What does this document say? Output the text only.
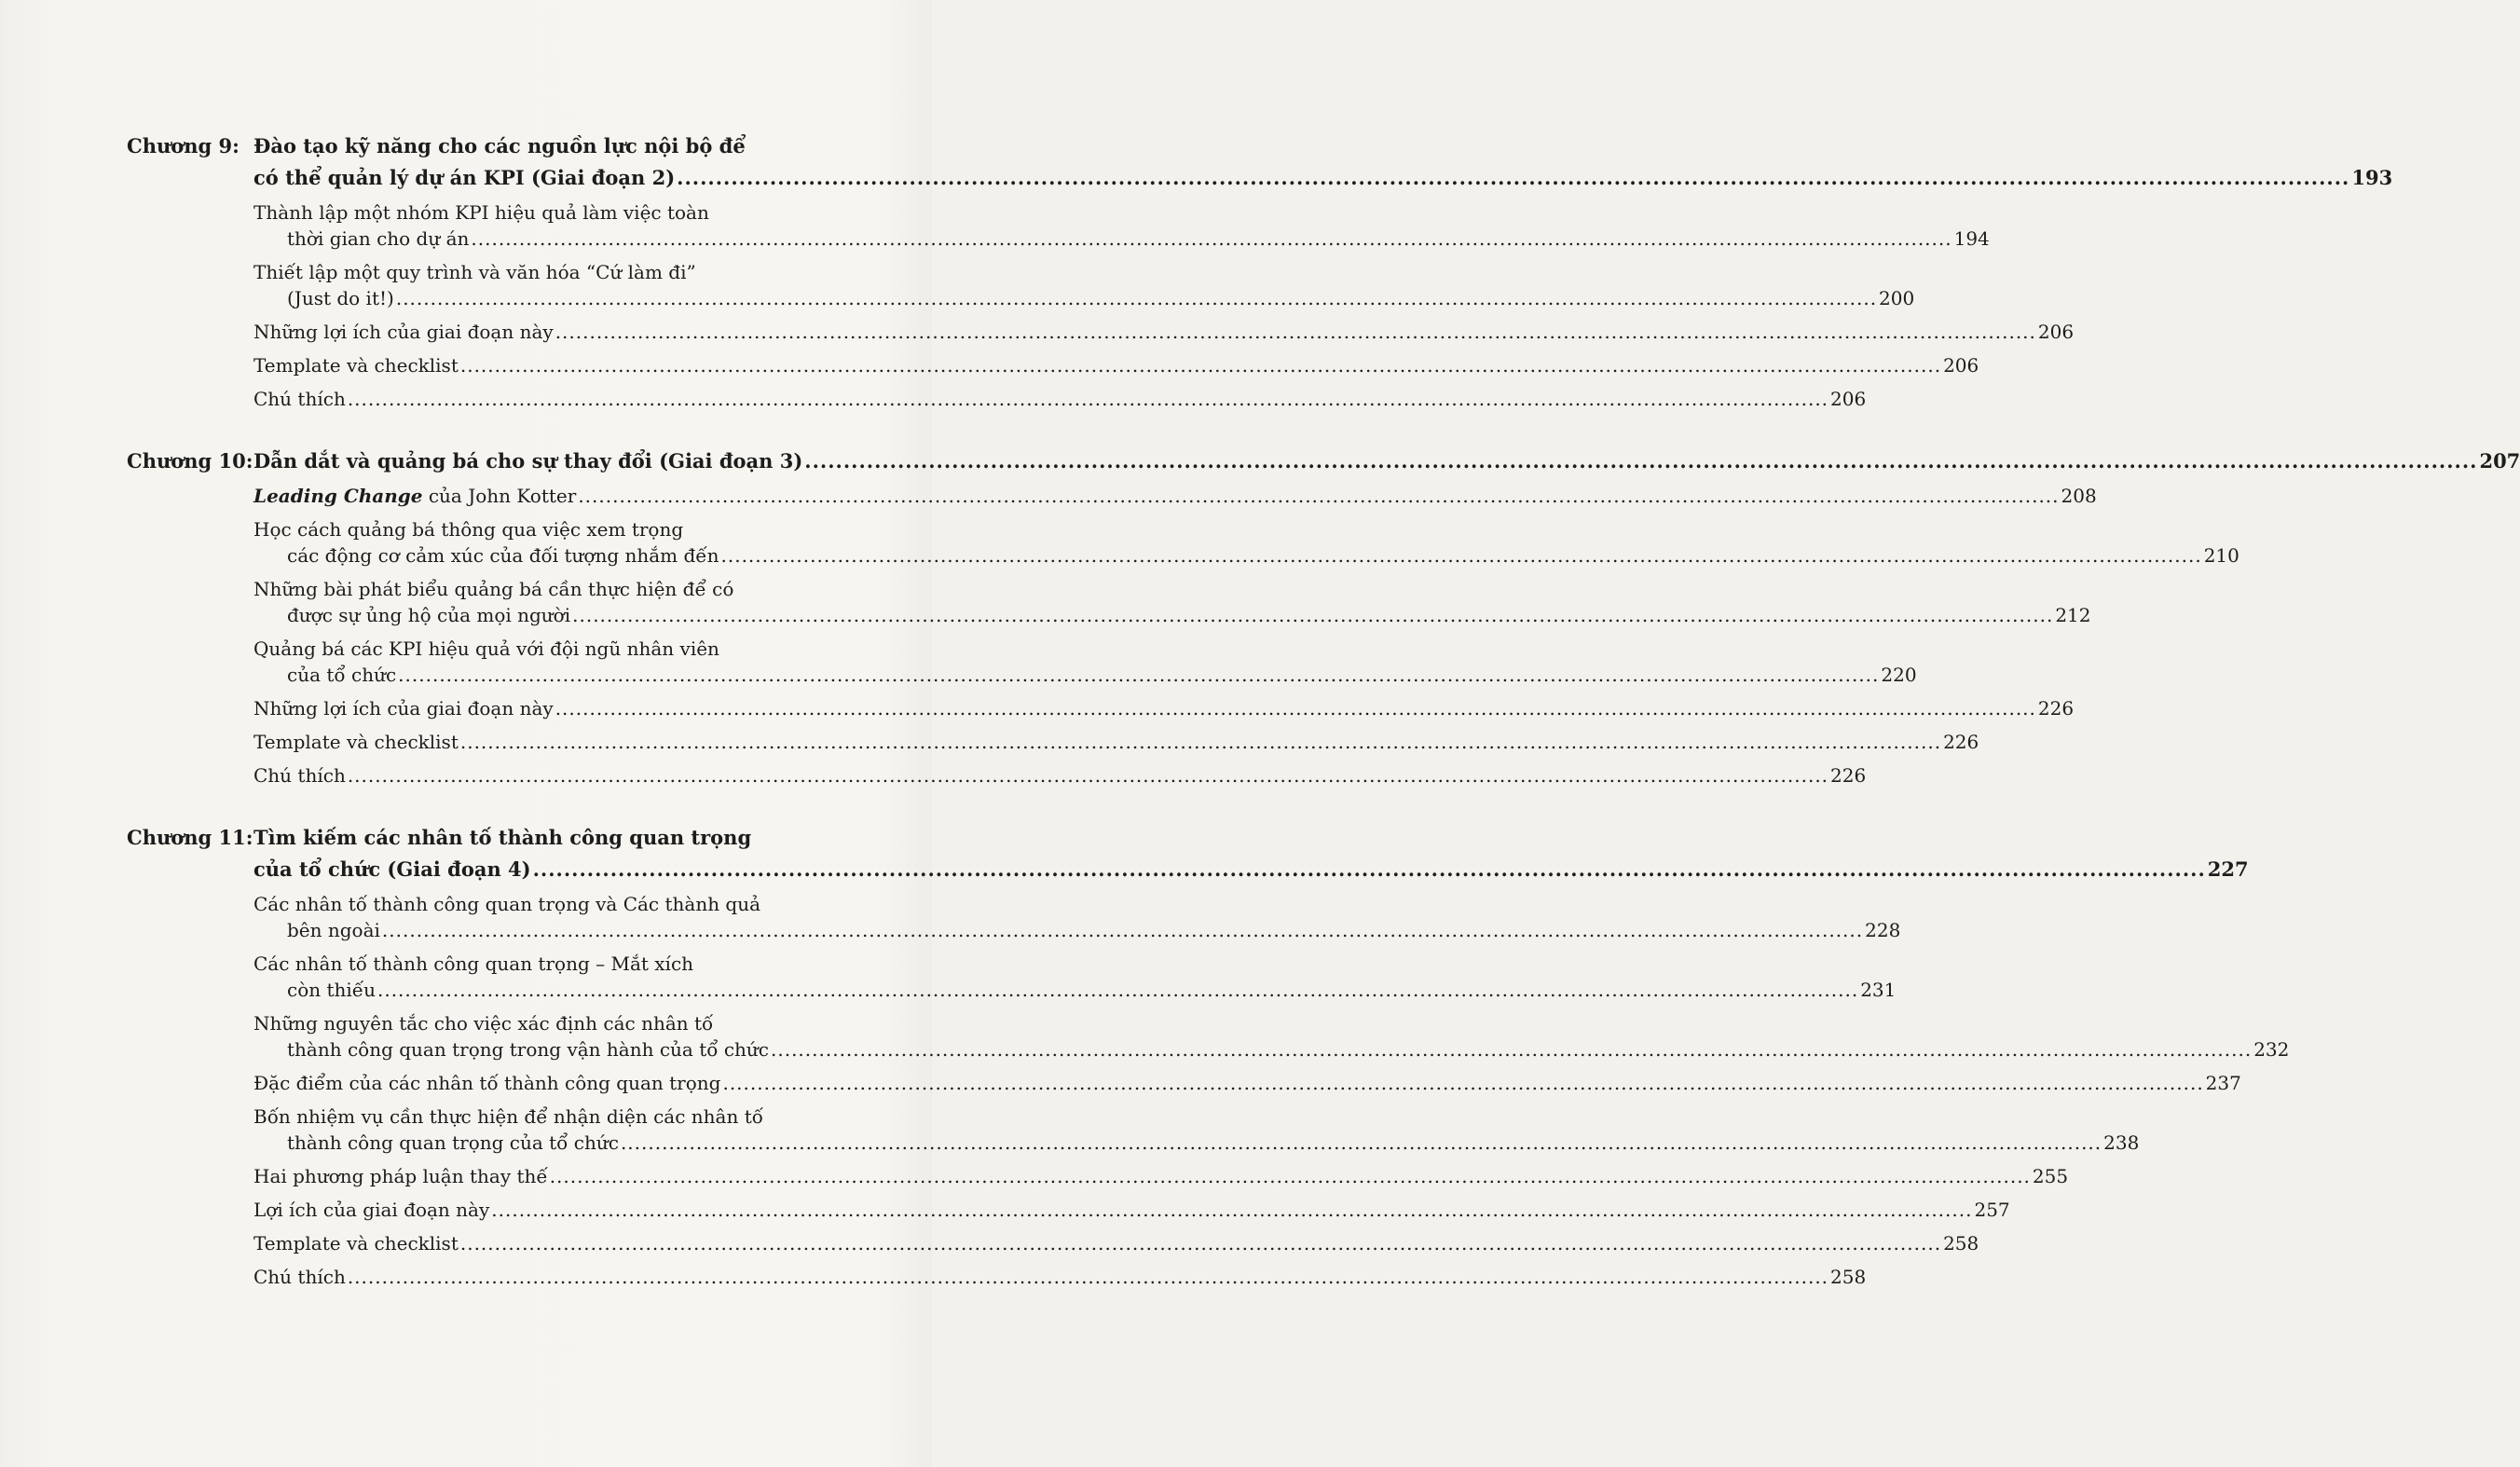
Chương 9: Đào tạo kỹ năng cho các nguồn lực nội bộ để
có thể quản lý dự án KPI (Giai đoạn 2) .....	193
Thành lập một nhóm KPI hiệu quả làm việc toàn
thời gian cho dự án .....	194
Thiết lập một quy trình và văn hóa “Cứ làm đi”
(Just do it!) .....	200
Những lợi ích của giai đoạn này .....	206
Template và checklist .....	206
Chú thích .....	206
Chương 10: Dẫn dắt và quảng bá cho sự thay đổi (Giai đoạn 3) .....	207
Leading Change của John Kotter .....	208
Học cách quảng bá thông qua việc xem trọng
các động cơ cảm xúc của đối tượng nhắm đến .....	210
Những bài phát biểu quảng bá cần thực hiện để có
được sự ủng hộ của mọi người .....	212
Quảng bá các KPI hiệu quả với đội ngũ nhân viên
của tổ chức .....	220
Những lợi ích của giai đoạn này .....	226
Template và checklist .....	226
Chú thích .....	226
Chương 11: Tìm kiếm các nhân tố thành công quan trọng
của tổ chức (Giai đoạn 4) .....	227
Các nhân tố thành công quan trọng và Các thành quả
bên ngoài .....	228
Các nhân tố thành công quan trọng – Mắt xích
còn thiếu .....	231
Những nguyên tắc cho việc xác định các nhân tố
thành công quan trọng trong vận hành của tổ chức .....	232
Đặc điểm của các nhân tố thành công quan trọng .....	237
Bốn nhiệm vụ cần thực hiện để nhận diện các nhân tố
thành công quan trọng của tổ chức .....	238
Hai phương pháp luận thay thế .....	255
Lợi ích của giai đoạn này .....	257
Template và checklist .....	258
Chú thích .....	258
